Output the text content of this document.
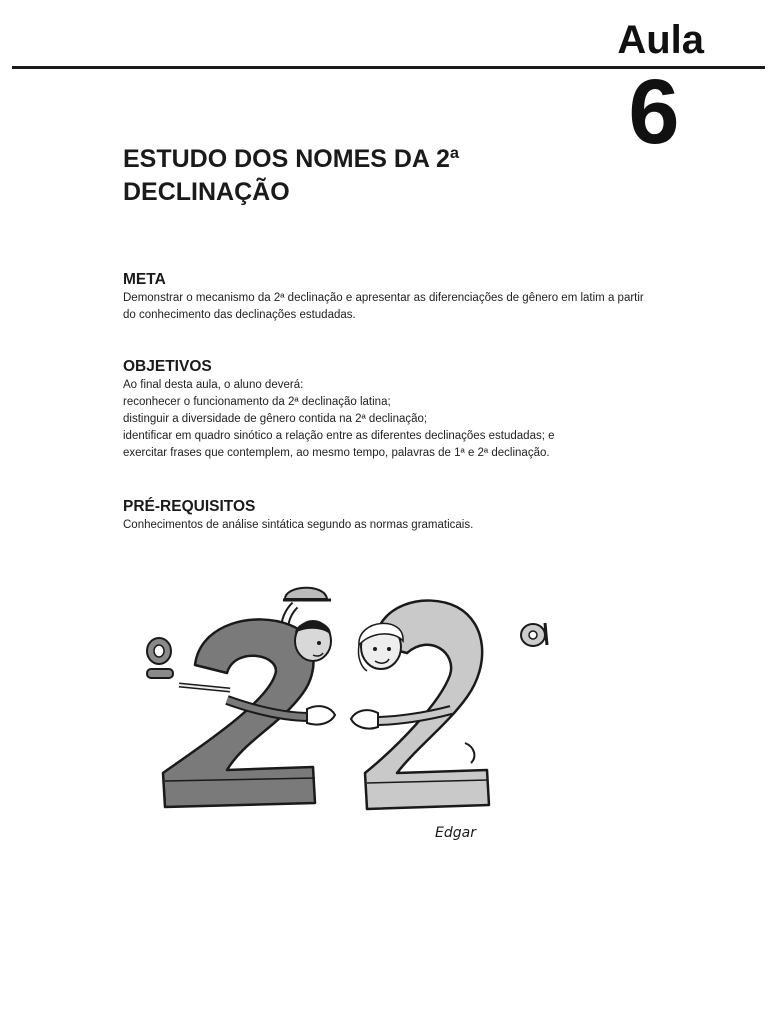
Aula
6
ESTUDO DOS NOMES DA 2ª
DECLINAÇÃO
META

Demonstrar o mecanismo da 2ª declinação e apresentar as diferenciações de gênero em latim a partir
do conhecimento das declinações estudadas.

OBJETIVOS

Ao final desta aula, o aluno deverá:
reconhecer o funcionamento da 2ª declinação latina;
distinguir a diversidade de gênero contida na 2ª declinação;
identificar em quadro sinótico a relação entre as diferentes declinações estudadas; e
exercitar frases que contemplem, ao mesmo tempo, palavras de 1ª e 2ª declinação.

PRÉ-REQUISITOS

Conhecimentos de análise sintática segundo as normas gramaticais.

Edgar
